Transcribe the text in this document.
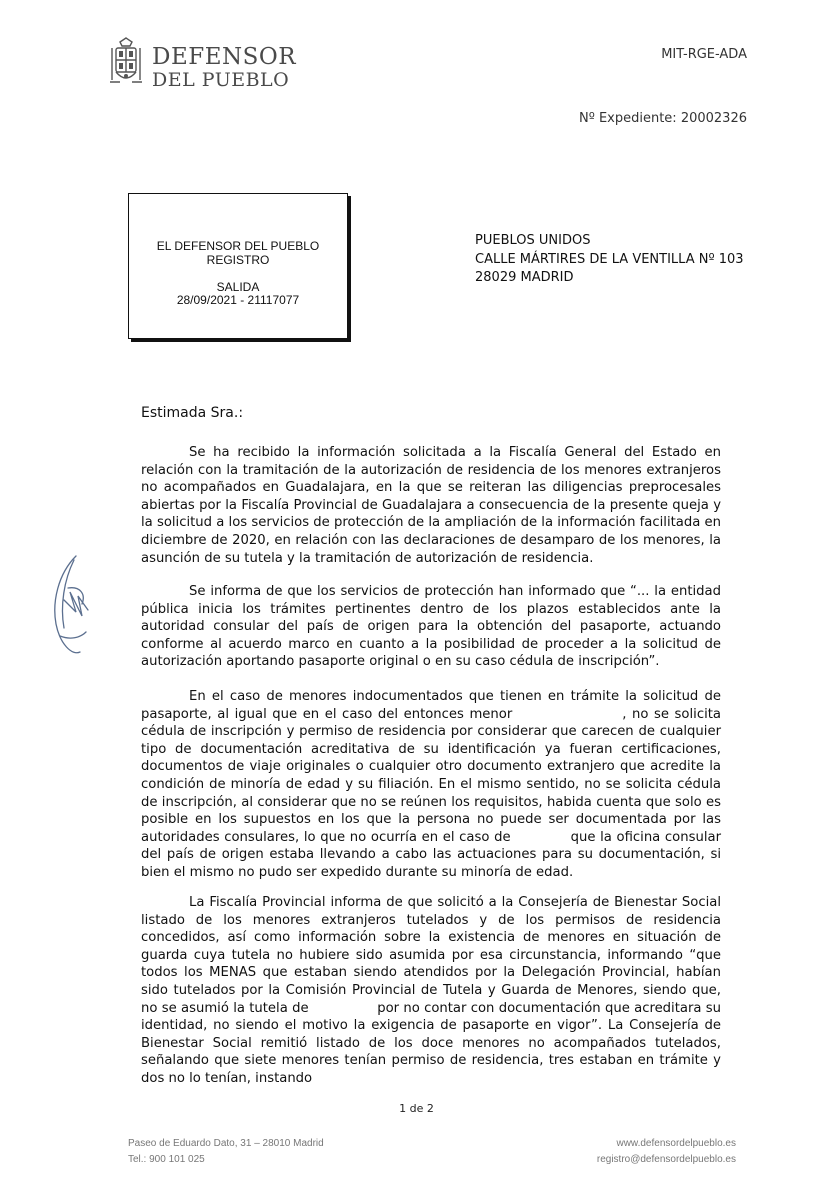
DEFENSOR
DEL PUEBLO
MIT-RGE-ADA
Nº Expediente: 20002326
EL DEFENSOR DEL PUEBLO
REGISTRO
SALIDA
28/09/2021 - 21117077
PUEBLOS UNIDOS
CALLE MÁRTIRES DE LA VENTILLA Nº 103
28029 MADRID
Estimada Sra.:
Se ha recibido la información solicitada a la Fiscalía General del Estado en relación con la tramitación de la autorización de residencia de los menores extranjeros no acompañados en Guadalajara, en la que se reiteran las diligencias preprocesales abiertas por la Fiscalía Provincial de Guadalajara a consecuencia de la presente queja y la solicitud a los servicios de protección de la ampliación de la información facilitada en diciembre de 2020, en relación con las declaraciones de desamparo de los menores, la asunción de su tutela y la tramitación de autorización de residencia.
Se informa de que los servicios de protección han informado que “... la entidad pública inicia los trámites pertinentes dentro de los plazos establecidos ante la autoridad consular del país de origen para la obtención del pasaporte, actuando conforme al acuerdo marco en cuanto a la posibilidad de proceder a la solicitud de autorización aportando pasaporte original o en su caso cédula de inscripción”.
En el caso de menores indocumentados que tienen en trámite la solicitud de pasaporte, al igual que en el caso del entonces menor	, no se solicita cédula de inscripción y permiso de residencia por considerar que carecen de cualquier tipo de documentación acreditativa de su identificación ya fueran certificaciones, documentos de viaje originales o cualquier otro documento extranjero que acredite la condición de minoría de edad y su filiación. En el mismo sentido, no se solicita cédula de inscripción, al considerar que no se reúnen los requisitos, habida cuenta que solo es posible en los supuestos en los que la persona no puede ser documentada por las autoridades consulares, lo que no ocurría en el caso de	que la oficina consular del país de origen estaba llevando a cabo las actuaciones para su documentación, si bien el mismo no pudo ser expedido durante su minoría de edad.
La Fiscalía Provincial informa de que solicitó a la Consejería de Bienestar Social listado de los menores extranjeros tutelados y de los permisos de residencia concedidos, así como información sobre la existencia de menores en situación de guarda cuya tutela no hubiere sido asumida por esa circunstancia, informando “que todos los MENAS que estaban siendo atendidos por la Delegación Provincial, habían sido tutelados por la Comisión Provincial de Tutela y Guarda de Menores, siendo que, no se asumió la tutela de	por no contar con documentación que acreditara su identidad, no siendo el motivo la exigencia de pasaporte en vigor”. La Consejería de Bienestar Social remitió listado de los doce menores no acompañados tutelados, señalando que siete menores tenían permiso de residencia, tres estaban en trámite y dos no lo tenían, instando
1 de 2
Paseo de Eduardo Dato, 31 – 28010 Madrid
Tel.: 900 101 025
www.defensordelpueblo.es
registro@defensordelpueblo.es
